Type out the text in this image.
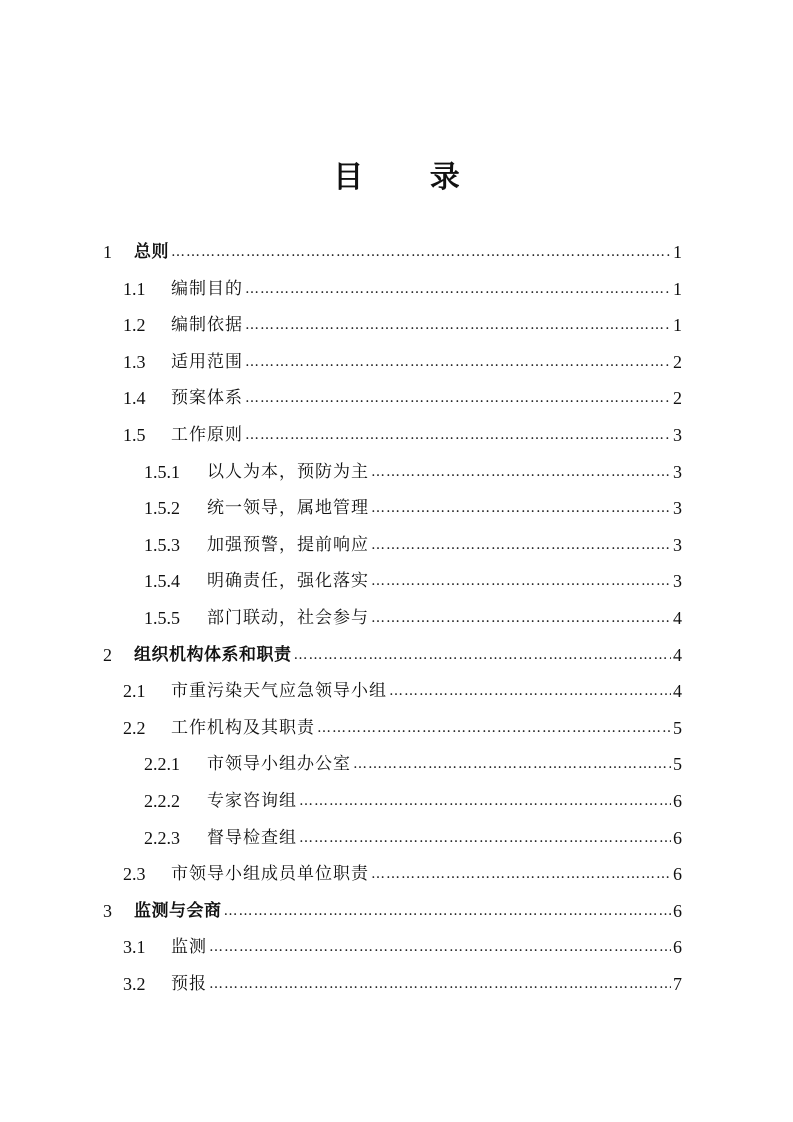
目 录
1	总则 …………………………………………………………………………………………………………………………………………	1
1.1	编制目的 …………………………………………………………………………………………………………………………………………	1
1.2	编制依据 …………………………………………………………………………………………………………………………………………	1
1.3	适用范围 …………………………………………………………………………………………………………………………………………	2
1.4	预案体系 …………………………………………………………………………………………………………………………………………	2
1.5	工作原则 …………………………………………………………………………………………………………………………………………	3
1.5.1	以人为本，预防为主 …………………………………………………………………………………………………………………………………………	3
1.5.2	统一领导，属地管理 …………………………………………………………………………………………………………………………………………	3
1.5.3	加强预警，提前响应 …………………………………………………………………………………………………………………………………………	3
1.5.4	明确责任，强化落实 …………………………………………………………………………………………………………………………………………	3
1.5.5	部门联动，社会参与 …………………………………………………………………………………………………………………………………………	4
2	组织机构体系和职责 …………………………………………………………………………………………………………………………………………	4
2.1	市重污染天气应急领导小组 …………………………………………………………………………………………………………………………………………	4
2.2	工作机构及其职责 …………………………………………………………………………………………………………………………………………	5
2.2.1	市领导小组办公室 …………………………………………………………………………………………………………………………………………	5
2.2.2	专家咨询组 …………………………………………………………………………………………………………………………………………	6
2.2.3	督导检查组 …………………………………………………………………………………………………………………………………………	6
2.3	市领导小组成员单位职责 …………………………………………………………………………………………………………………………………………	6
3	监测与会商 …………………………………………………………………………………………………………………………………………	6
3.1	监测 …………………………………………………………………………………………………………………………………………	6
3.2	预报 …………………………………………………………………………………………………………………………………………	7
